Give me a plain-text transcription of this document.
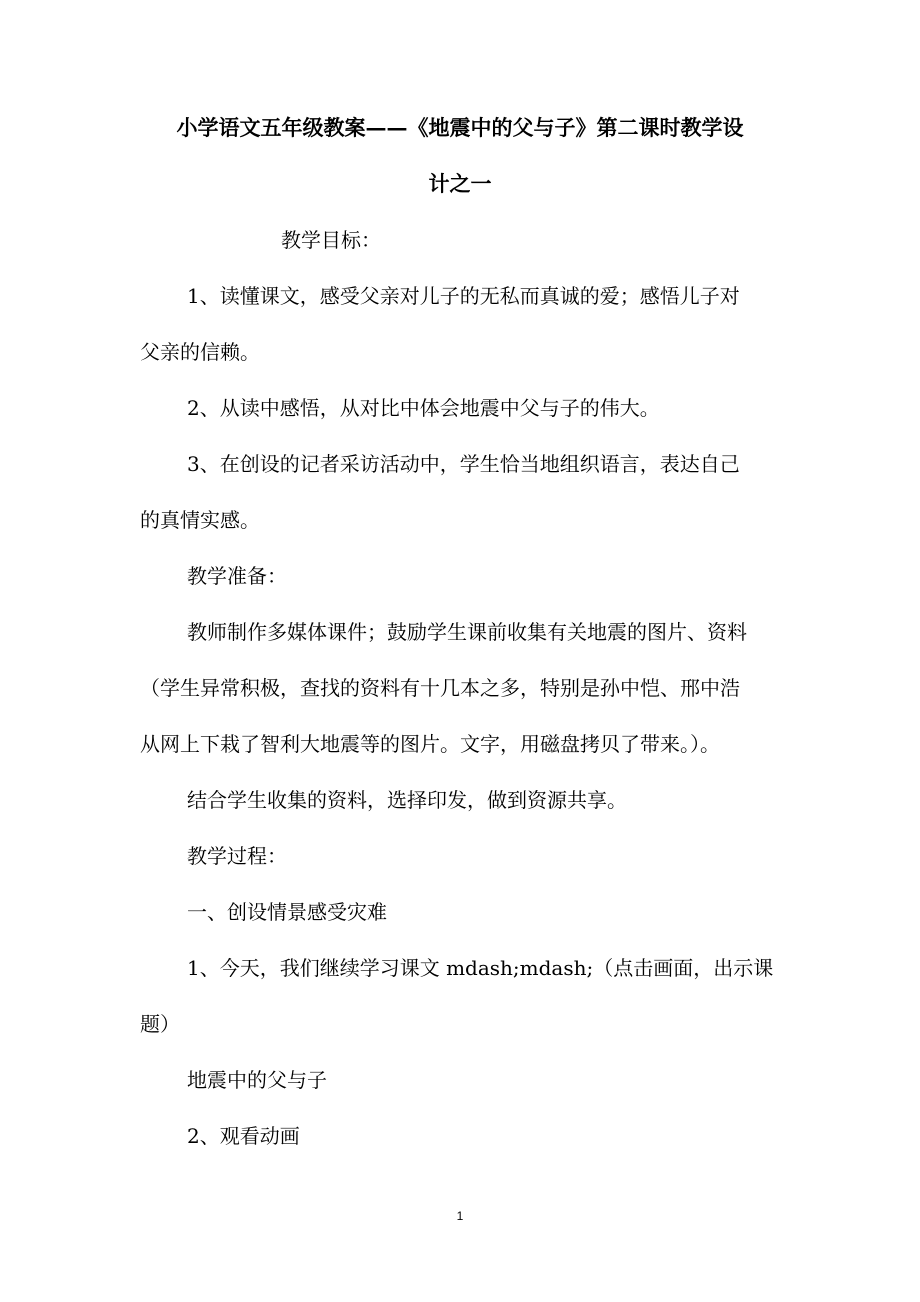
小学语文五年级教案——《地震中的父与子》第二课时教学设

计之一

教学目标：

1、读懂课文，感受父亲对儿子的无私而真诚的爱；感悟儿子对

父亲的信赖。

2、从读中感悟，从对比中体会地震中父与子的伟大。

3、在创设的记者采访活动中，学生恰当地组织语言，表达自己

的真情实感。

教学准备：

教师制作多媒体课件；鼓励学生课前收集有关地震的图片、资料

（学生异常积极，查找的资料有十几本之多，特别是孙中恺、邢中浩

从网上下栽了智利大地震等的图片。文字，用磁盘拷贝了带来。）。

结合学生收集的资料，选择印发，做到资源共享。

教学过程：

一、创设情景感受灾难

1、今天，我们继续学习课文 mdash;mdash;（点击画面，出示课

题）

地震中的父与子

2、观看动画

1
